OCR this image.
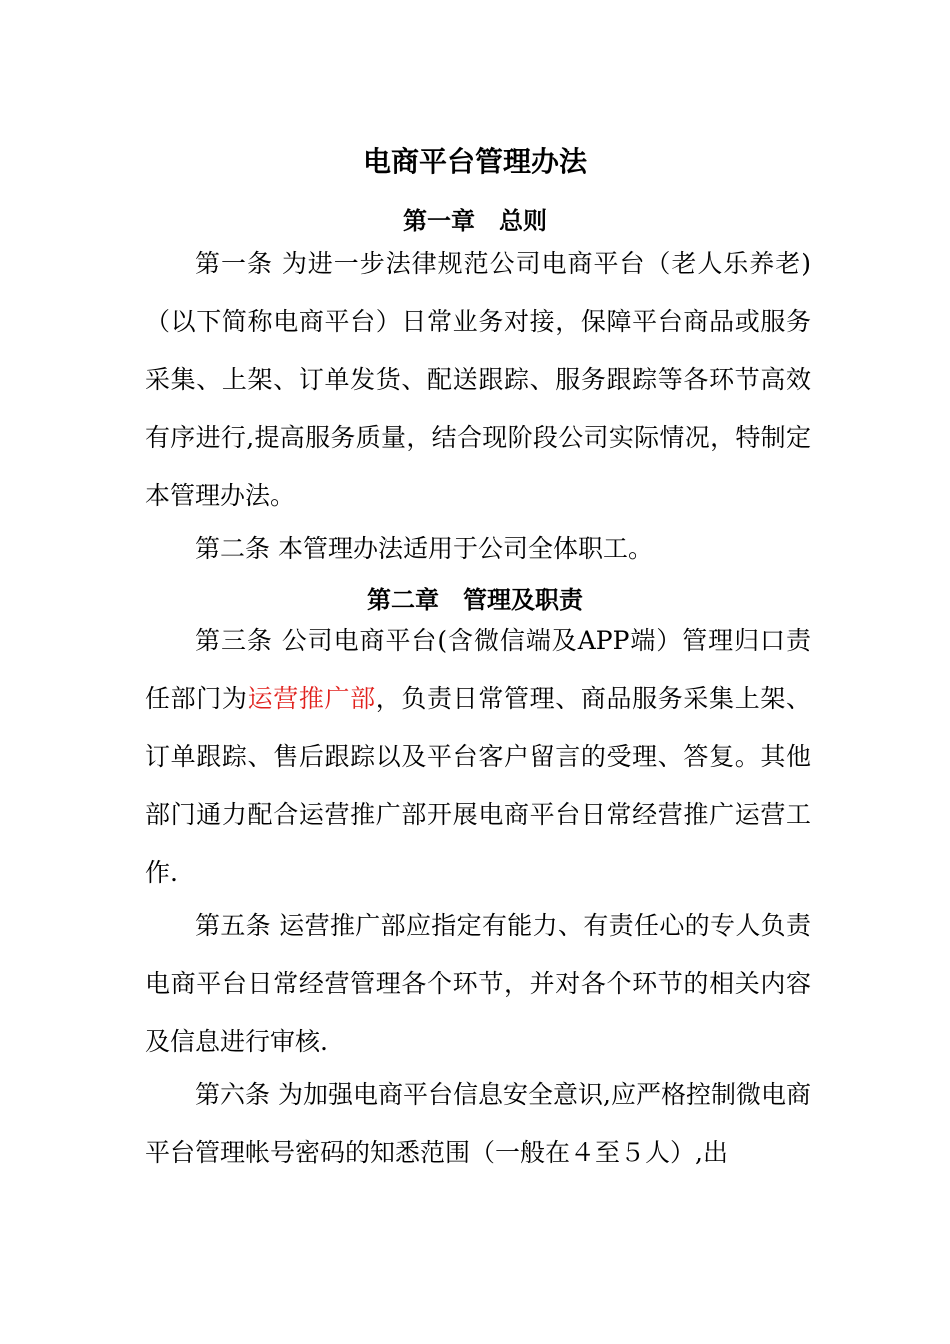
电商平台管理办法
第一章　总则

第一条 为进一步法律规范公司电商平台（老人乐养老)（以下简称电商平台）日常业务对接，保障平台商品或服务采集、上架、订单发货、配送跟踪、服务跟踪等各环节高效有序进行,提高服务质量，结合现阶段公司实际情况，特制定本管理办法。

第二条 本管理办法适用于公司全体职工。

第二章　管理及职责

第三条 公司电商平台(含微信端及APP端）管理归口责任部门为运营推广部，负责日常管理、商品服务采集上架、订单跟踪、售后跟踪以及平台客户留言的受理、答复。其他部门通力配合运营推广部开展电商平台日常经营推广运营工作.

第五条 运营推广部应指定有能力、有责任心的专人负责电商平台日常经营管理各个环节，并对各个环节的相关内容及信息进行审核.

第六条 为加强电商平台信息安全意识,应严格控制微电商平台管理帐号密码的知悉范围（一般在４至５人）,出
